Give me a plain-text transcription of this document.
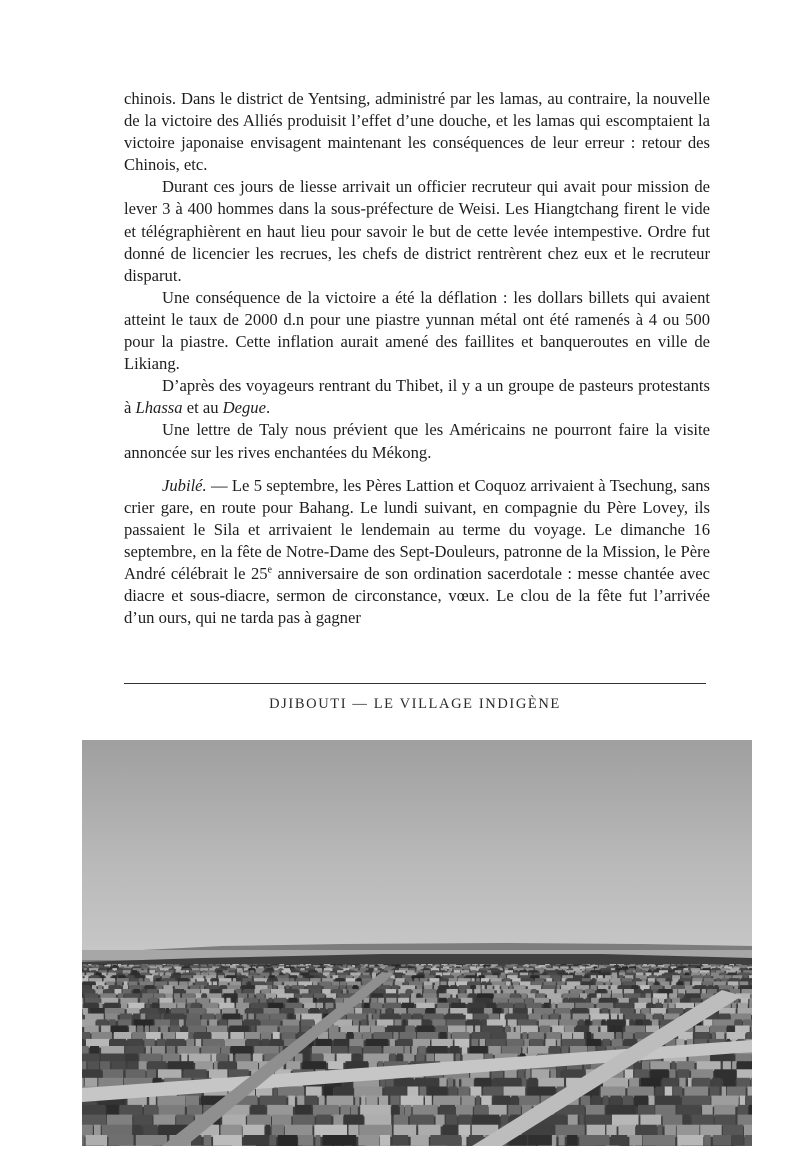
chinois. Dans le district de Yentsing, administré par les lamas, au contraire, la nouvelle de la victoire des Alliés produisit l’effet d’une douche, et les lamas qui escomptaient la victoire japonaise envisagent maintenant les conséquences de leur erreur : retour des Chinois, etc.

Durant ces jours de liesse arrivait un officier recruteur qui avait pour mission de lever 3 à 400 hommes dans la sous-préfecture de Weisi. Les Hiangtchang firent le vide et télégraphièrent en haut lieu pour savoir le but de cette levée intempestive. Ordre fut donné de licencier les recrues, les chefs de district rentrèrent chez eux et le recruteur disparut.

Une conséquence de la victoire a été la déflation : les dollars billets qui avaient atteint le taux de 2000 d.n pour une piastre yunnan métal ont été ramenés à 4 ou 500 pour la piastre. Cette inflation aurait amené des faillites et banqueroutes en ville de Likiang.

D’après des voyageurs rentrant du Thibet, il y a un groupe de pasteurs protestants à Lhassa et au Degue.

Une lettre de Taly nous prévient que les Américains ne pourront faire la visite annoncée sur les rives enchantées du Mékong.

Jubilé. — Le 5 septembre, les Pères Lattion et Coquoz arrivaient à Tsechung, sans crier gare, en route pour Bahang. Le lundi suivant, en compagnie du Père Lovey, ils passaient le Sila et arrivaient le lendemain au terme du voyage. Le dimanche 16 septembre, en la fête de Notre-Dame des Sept-Douleurs, patronne de la Mission, le Père André célébrait le 25e anniversaire de son ordination sacerdotale : messe chantée avec diacre et sous-diacre, sermon de circonstance, vœux. Le clou de la fête fut l’arrivée d’un ours, qui ne tarda pas à gagner

DJIBOUTI — LE VILLAGE INDIGÈNE
